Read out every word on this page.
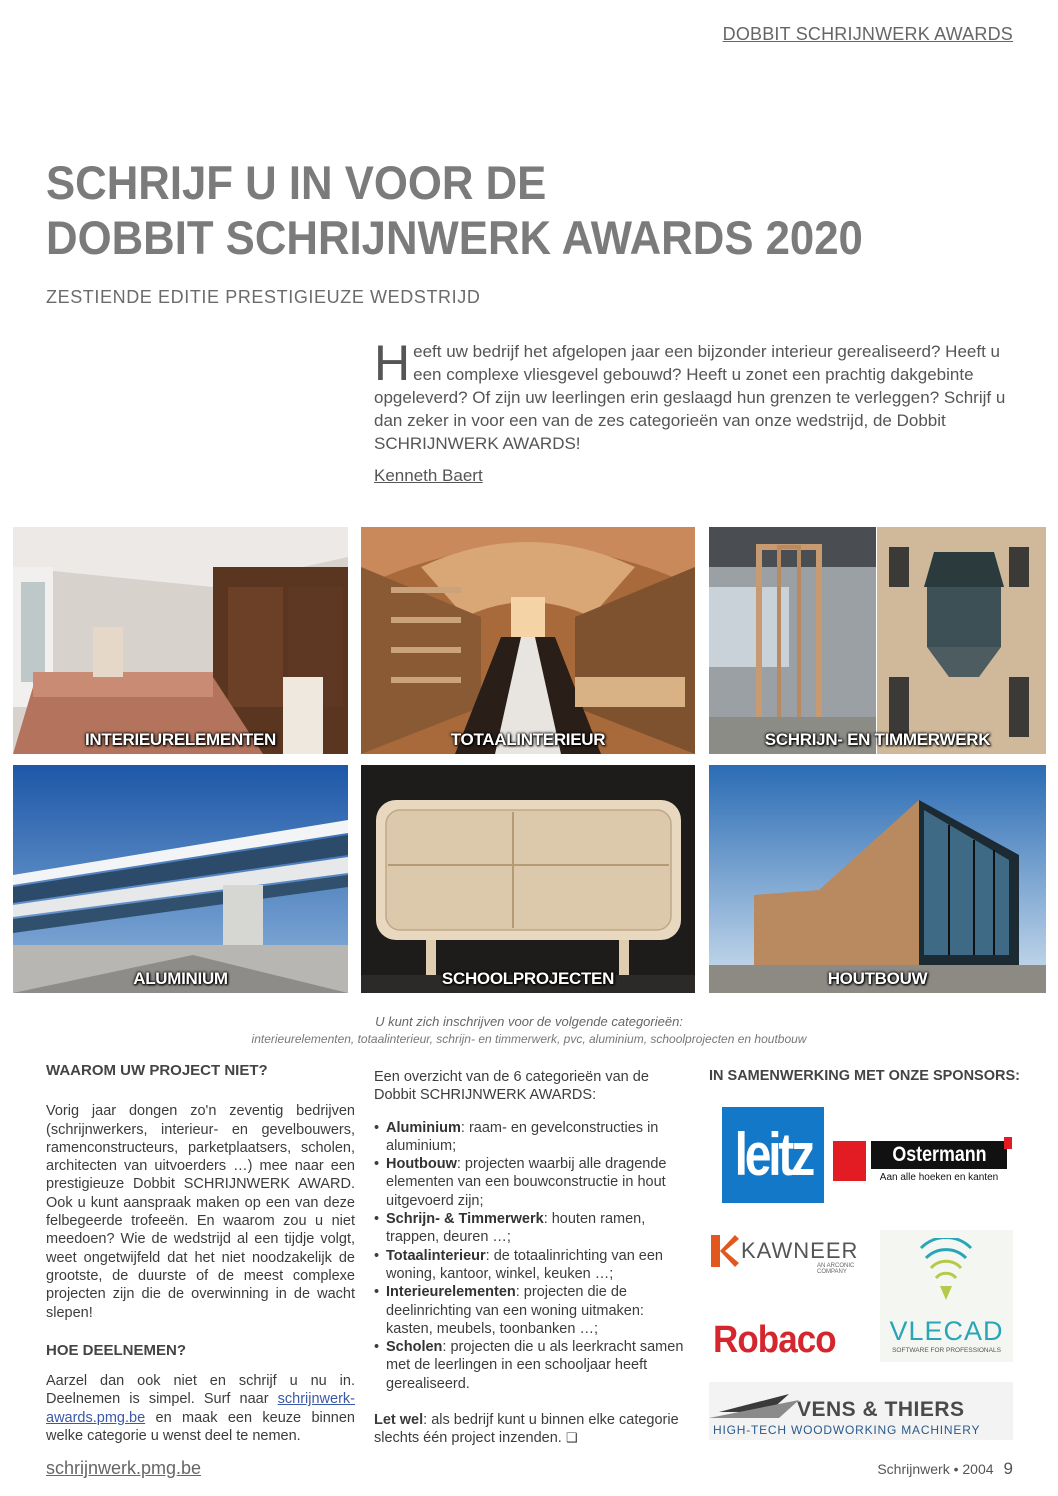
DOBBIT SCHRIJNWERK AWARDS
SCHRIJF U IN VOOR DE
DOBBIT SCHRIJNWERK AWARDS 2020
ZESTIENDE EDITIE PRESTIGIEUZE WEDSTRIJD
Heeft uw bedrijf het afgelopen jaar een bijzonder interieur gerealiseerd? Heeft u een complexe vliesgevel gebouwd? Heeft u zonet een prachtig dakgebinte opgeleverd? Of zijn uw leerlingen erin geslaagd hun grenzen te verleggen? Schrijf u dan zeker in voor een van de zes categorieën van onze wedstrijd, de Dobbit SCHRIJNWERK AWARDS!
Kenneth Baert
INTERIEURELEMENTEN	TOTAALINTERIEUR	SCHRIJN- EN TIMMERWERK
ALUMINIUM	SCHOOLPROJECTEN	HOUTBOUW
U kunt zich inschrijven voor de volgende categorieën:
interieurelementen, totaalinterieur, schrijn- en timmerwerk, pvc, aluminium, schoolprojecten en houtbouw
WAAROM UW PROJECT NIET?

Vorig jaar dongen zo'n zeventig bedrijven (schrijnwerkers, interieur- en gevelbouwers, ramenconstructeurs, parketplaatsers, scholen, architecten van uitvoerders …) mee naar een prestigieuze Dobbit SCHRIJNWERK AWARD. Ook u kunt aanspraak maken op een van deze felbegeerde trofeeën. En waarom zou u niet meedoen? Wie de wedstrijd al een tijdje volgt, weet ongetwijfeld dat het niet noodzakelijk de grootste, de duurste of de meest complexe projecten zijn die de overwinning in de wacht slepen!

HOE DEELNEMEN?

Aarzel dan ook niet en schrijf u nu in. Deelnemen is simpel. Surf naar schrijnwerk-awards.pmg.be en maak een keuze binnen welke categorie u wenst deel te nemen.

Een overzicht van de 6 categorieën van de Dobbit SCHRIJNWERK AWARDS:

• Aluminium: raam- en gevelconstructies in aluminium;
• Houtbouw: projecten waarbij alle dragende elementen van een bouwconstructie in hout uitgevoerd zijn;
• Schrijn- & Timmerwerk: houten ramen, trappen, deuren …;
• Totaalinterieur: de totaalinrichting van een woning, kantoor, winkel, keuken …;
• Interieurelementen: projecten die de deelinrichting van een woning uitmaken: kasten, meubels, toonbanken …;
• Scholen: projecten die u als leerkracht samen met de leerlingen in een schooljaar heeft gerealiseerd.

Let wel: als bedrijf kunt u binnen elke categorie slechts één project inzenden. ❑

IN SAMENWERKING MET ONZE SPONSORS:
leitz	Ostermann
Aan alle hoeken en kanten
KAWNEER
AN ARCONIC COMPANY
VLECAD
SOFTWARE FOR PROFESSIONALS
Robaco
VENS & THIERS
HIGH-TECH WOODWORKING MACHINERY
schrijnwerk.pmg.be	Schrijnwerk • 2004 9
